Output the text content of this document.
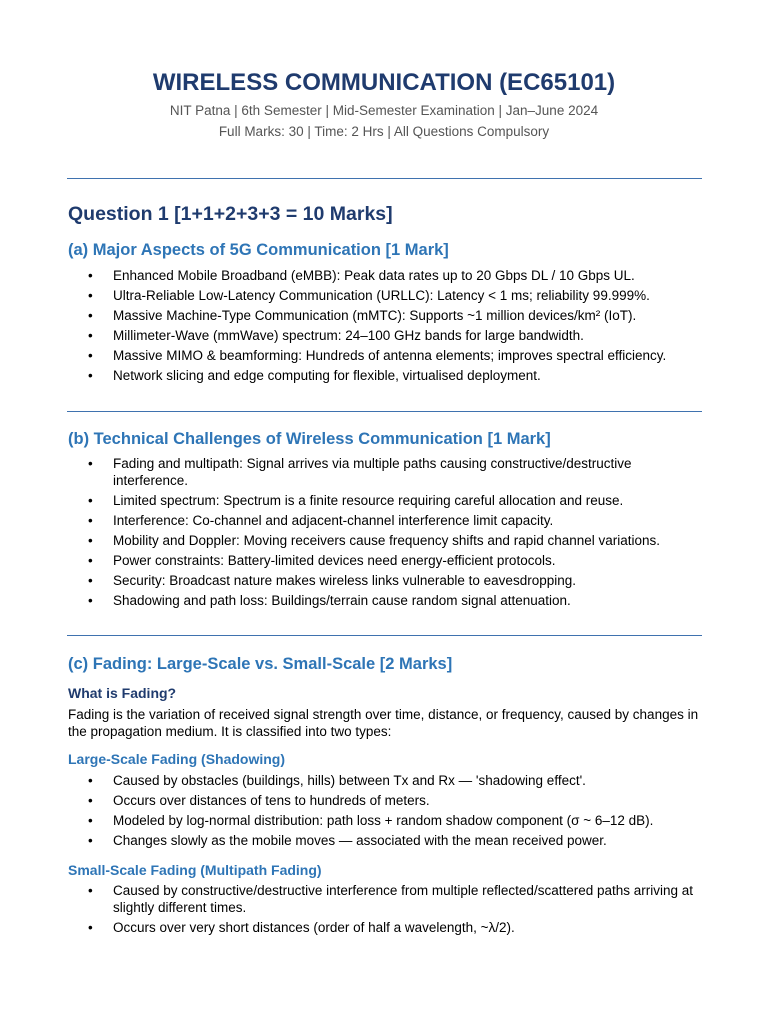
WIRELESS COMMUNICATION (EC65101)
NIT Patna | 6th Semester | Mid-Semester Examination | Jan–June 2024
Full Marks: 30 | Time: 2 Hrs | All Questions Compulsory
Question 1 [1+1+2+3+3 = 10 Marks]
(a) Major Aspects of 5G Communication [1 Mark]
• Enhanced Mobile Broadband (eMBB): Peak data rates up to 20 Gbps DL / 10 Gbps UL.
• Ultra-Reliable Low-Latency Communication (URLLC): Latency < 1 ms; reliability 99.999%.
• Massive Machine-Type Communication (mMTC): Supports ~1 million devices/km² (IoT).
• Millimeter-Wave (mmWave) spectrum: 24–100 GHz bands for large bandwidth.
• Massive MIMO & beamforming: Hundreds of antenna elements; improves spectral efficiency.
• Network slicing and edge computing for flexible, virtualised deployment.
(b) Technical Challenges of Wireless Communication [1 Mark]
• Fading and multipath: Signal arrives via multiple paths causing constructive/destructive interference.
• Limited spectrum: Spectrum is a finite resource requiring careful allocation and reuse.
• Interference: Co-channel and adjacent-channel interference limit capacity.
• Mobility and Doppler: Moving receivers cause frequency shifts and rapid channel variations.
• Power constraints: Battery-limited devices need energy-efficient protocols.
• Security: Broadcast nature makes wireless links vulnerable to eavesdropping.
• Shadowing and path loss: Buildings/terrain cause random signal attenuation.
(c) Fading: Large-Scale vs. Small-Scale [2 Marks]
What is Fading?
Fading is the variation of received signal strength over time, distance, or frequency, caused by changes in the propagation medium. It is classified into two types:
Large-Scale Fading (Shadowing)
• Caused by obstacles (buildings, hills) between Tx and Rx — 'shadowing effect'.
• Occurs over distances of tens to hundreds of meters.
• Modeled by log-normal distribution: path loss + random shadow component (σ ~ 6–12 dB).
• Changes slowly as the mobile moves — associated with the mean received power.
Small-Scale Fading (Multipath Fading)
• Caused by constructive/destructive interference from multiple reflected/scattered paths arriving at slightly different times.
• Occurs over very short distances (order of half a wavelength, ~λ/2).
